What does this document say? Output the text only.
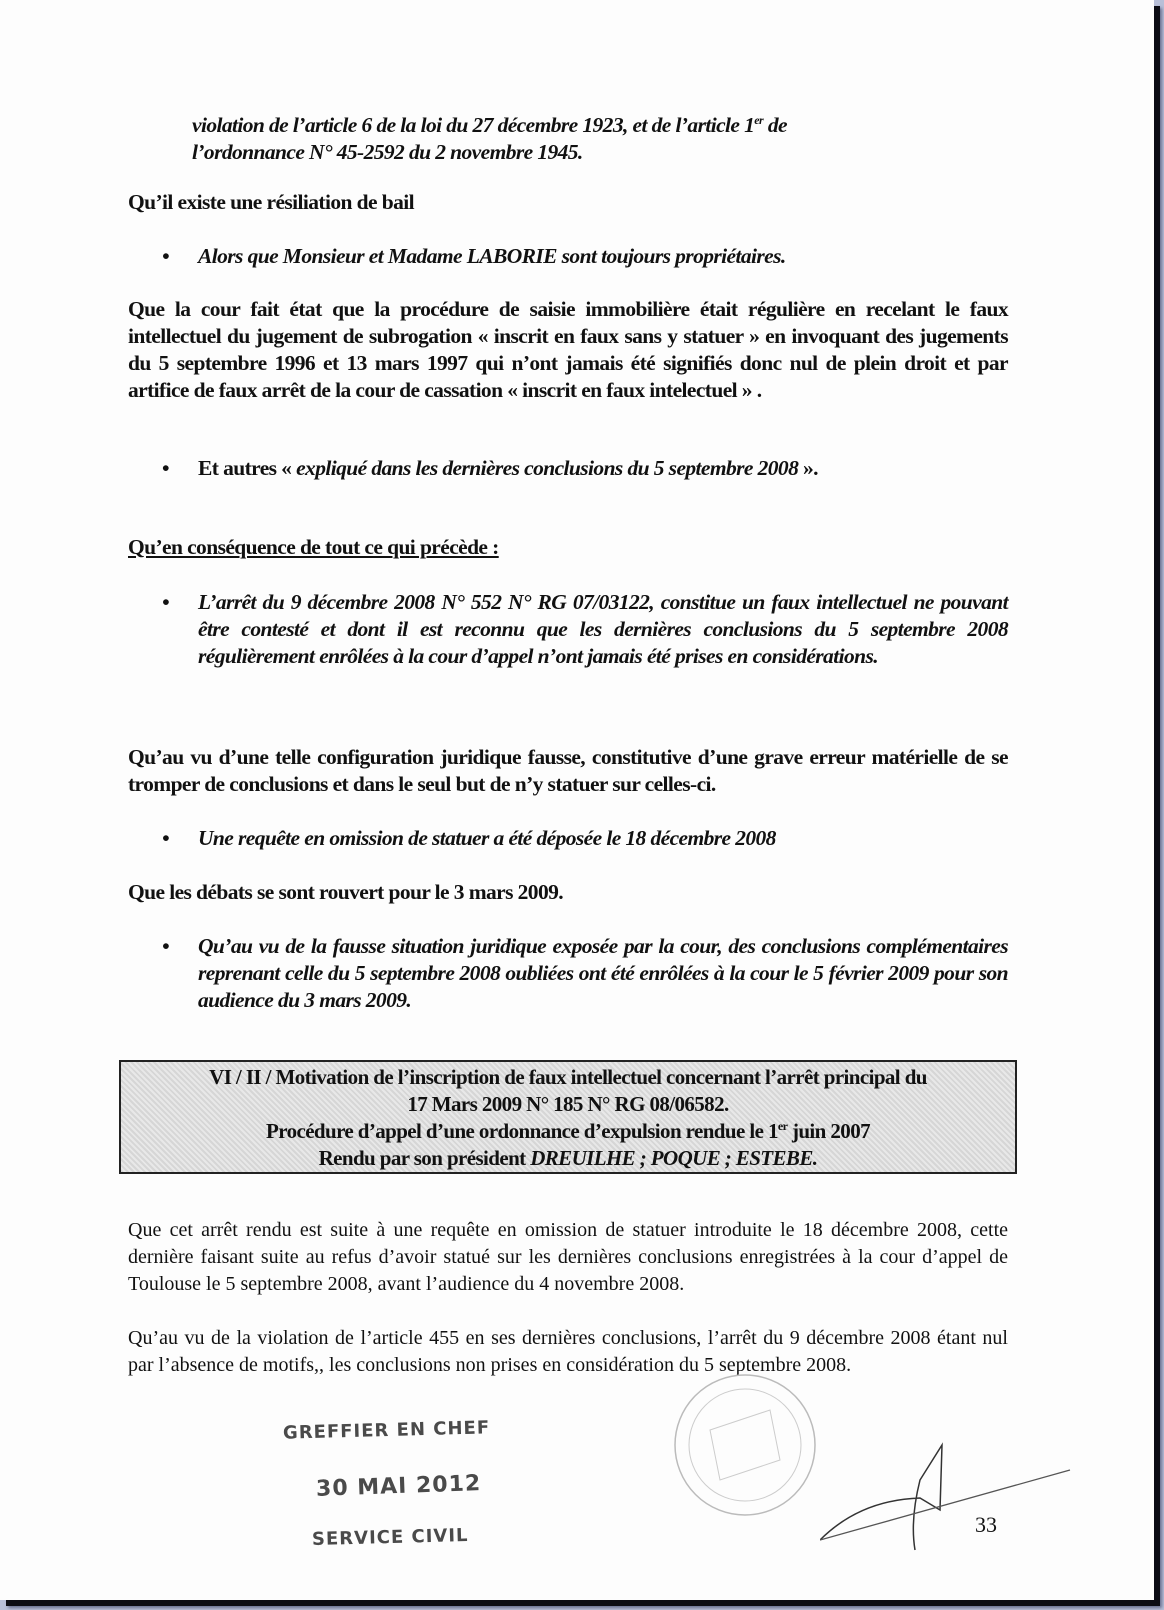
violation de l’article 6 de la loi du 27 décembre 1923, et de l’article 1er de
l’ordonnance N° 45-2592 du 2 novembre 1945.
Qu’il existe une résiliation de bail
• Alors que Monsieur et Madame LABORIE sont toujours propriétaires.
Que la cour fait état que la procédure de saisie immobilière était régulière en recelant le faux intellectuel du jugement de subrogation « inscrit en faux sans y statuer » en invoquant des jugements du 5 septembre 1996 et 13 mars 1997 qui n’ont jamais été signifiés donc nul de plein droit et par artifice de faux arrêt de la cour de cassation « inscrit en faux intelectuel » .
• Et autres « expliqué dans les dernières conclusions du 5 septembre 2008 ».
Qu’en conséquence de tout ce qui précède :
• L’arrêt du 9 décembre 2008 N° 552 N° RG 07/03122, constitue un faux intellectuel ne pouvant être contesté et dont il est reconnu que les dernières conclusions du 5 septembre 2008 régulièrement enrôlées à la cour d’appel n’ont jamais été prises en considérations.
Qu’au vu d’une telle configuration juridique fausse, constitutive d’une grave erreur matérielle de se tromper de conclusions et dans le seul but de n’y statuer sur celles-ci.
• Une requête en omission de statuer a été déposée le 18 décembre 2008
Que les débats se sont rouvert pour le 3 mars 2009.
• Qu’au vu de la fausse situation juridique exposée par la cour, des conclusions complémentaires reprenant celle du 5 septembre 2008 oubliées ont été enrôlées à la cour le 5 février 2009 pour son audience du 3 mars 2009.
VI / II / Motivation de l’inscription de faux intellectuel concernant l’arrêt principal du
17 Mars 2009 N° 185 N° RG 08/06582.
Procédure d’appel d’une ordonnance d’expulsion rendue le 1er juin 2007
Rendu par son président DREUILHE ; POQUE ; ESTEBE.
Que cet arrêt rendu est suite à une requête en omission de statuer introduite le 18 décembre 2008, cette dernière faisant suite au refus d’avoir statué sur les dernières conclusions enregistrées à la cour d’appel de Toulouse le 5 septembre 2008, avant l’audience du 4 novembre 2008.
Qu’au vu de la violation de l’article 455 en ses dernières conclusions, l’arrêt du 9 décembre 2008 étant nul par l’absence de motifs,, les conclusions non prises en considération du 5 septembre 2008.
GREFFIER EN CHEF
30 MAI 2012
SERVICE CIVIL
33
